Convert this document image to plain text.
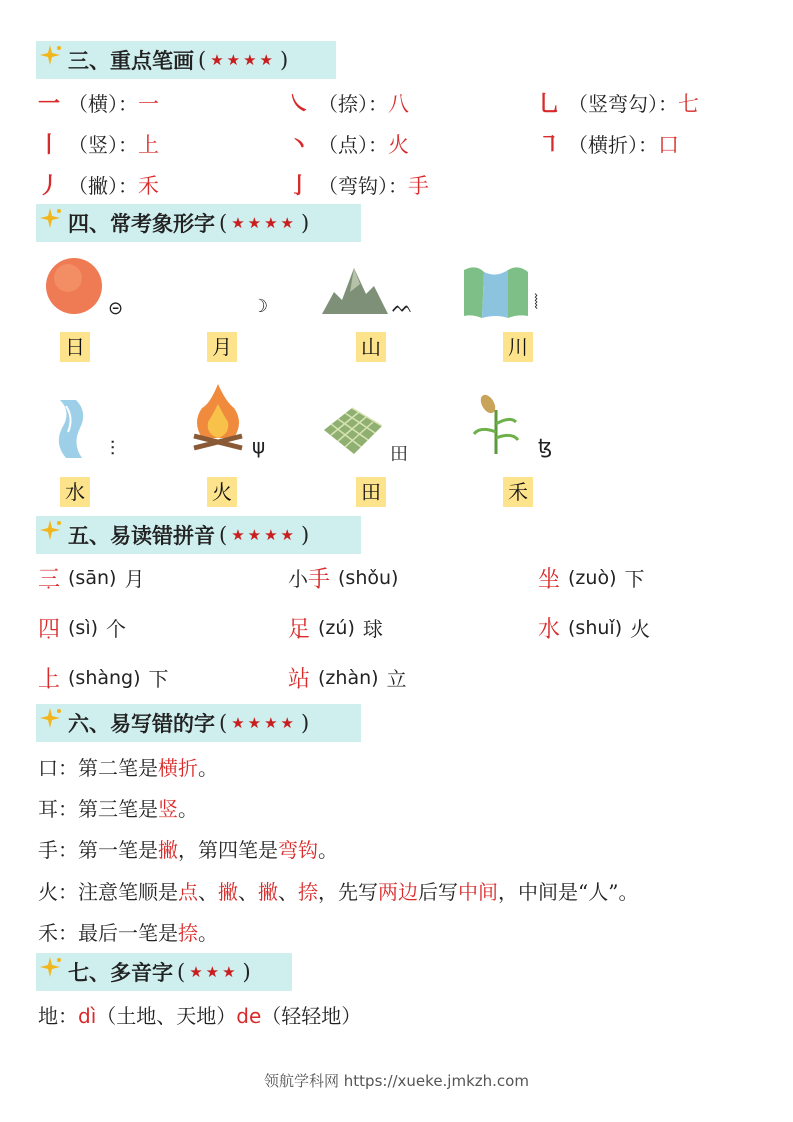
三、重点笔画 ( ★★★★ )
一 （横）： 一	㇏ （捺）： 八	乚 （竖弯勾）： 七
丨 （竖）： 上	丶 （点）： 火	㇕ （横折）： 口
丿 （撇）： 禾	亅 （弯钩）： 手
四、常考象形字 ( ★★★★ )
⊝
日
☽
月
ᨓ
山
⦚
川
⫶
水
ψ
火
田
田
ꜩ
禾
五、易读错拼音 ( ★★★★ )
三 · (sān) 月	小 手 · (shǒu)	坐 · (zuò) 下
四 · (sì) 个	足 · (zú) 球	水 · (shuǐ) 火
上 · (shàng) 下	站 · (zhàn) 立
六、易写错的字 ( ★★★★ )
口：第二笔是横折。
耳：第三笔是竖。
手：第一笔是撇，第四笔是弯钩。
火：注意笔顺是点、撇、撇、捺，先写两边后写中间，中间是“人”。
禾：最后一笔是捺。
七、多音字 ( ★★★ )
地：dì（土地、天地）de（轻轻地）
领航学科网 https://xueke.jmkzh.com
